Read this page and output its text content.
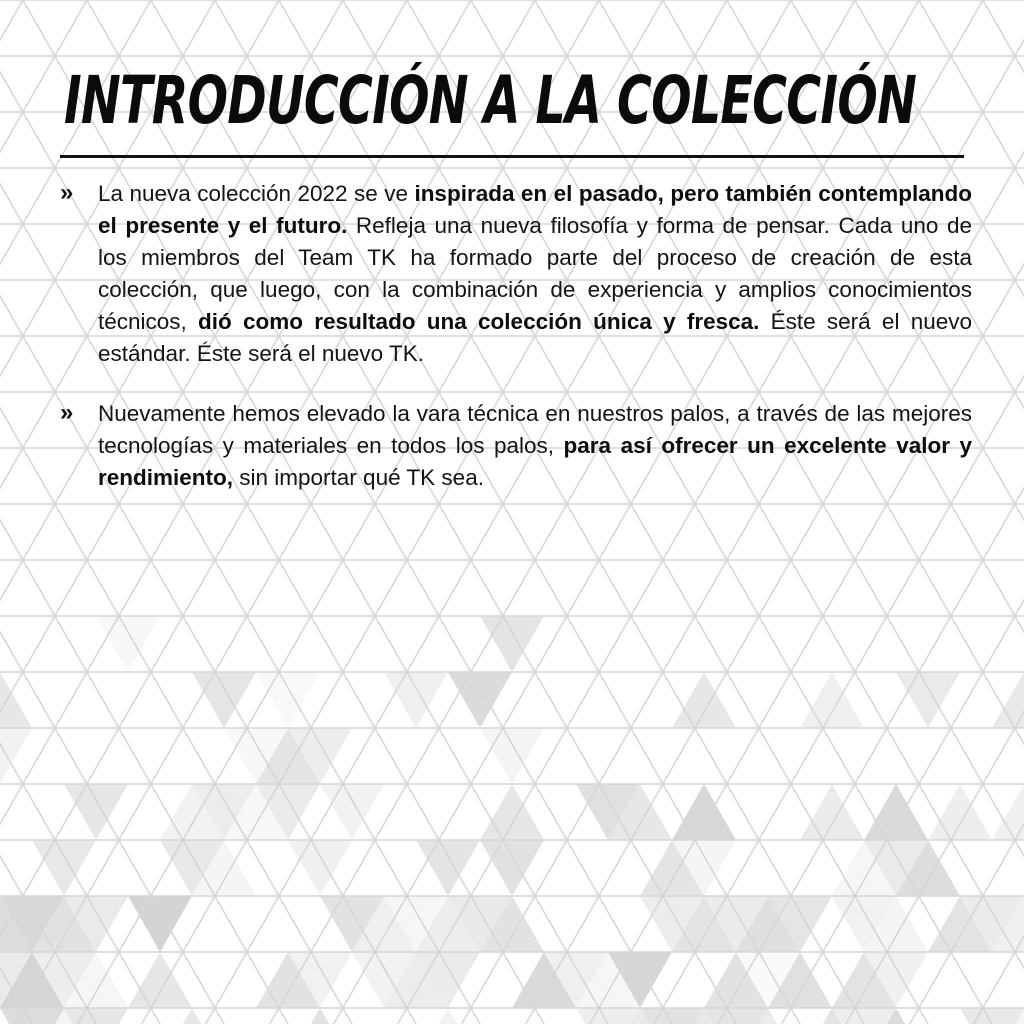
INTRODUCCIÓN A LA COLECCIÓN
» La nueva colección 2022 se ve inspirada en el pasado, pero también contemplando el presente y el futuro. Refleja una nueva filosofía y forma de pensar. Cada uno de los miembros del Team TK ha formado parte del proceso de creación de esta colección, que luego, con la combinación de experiencia y amplios conocimientos técnicos, dió como resultado una colección única y fresca. Éste será el nuevo estándar. Éste será el nuevo TK.
» Nuevamente hemos elevado la vara técnica en nuestros palos, a través de las mejores tecnologías y materiales en todos los palos, para así ofrecer un excelente valor y rendimiento, sin importar qué TK sea.
